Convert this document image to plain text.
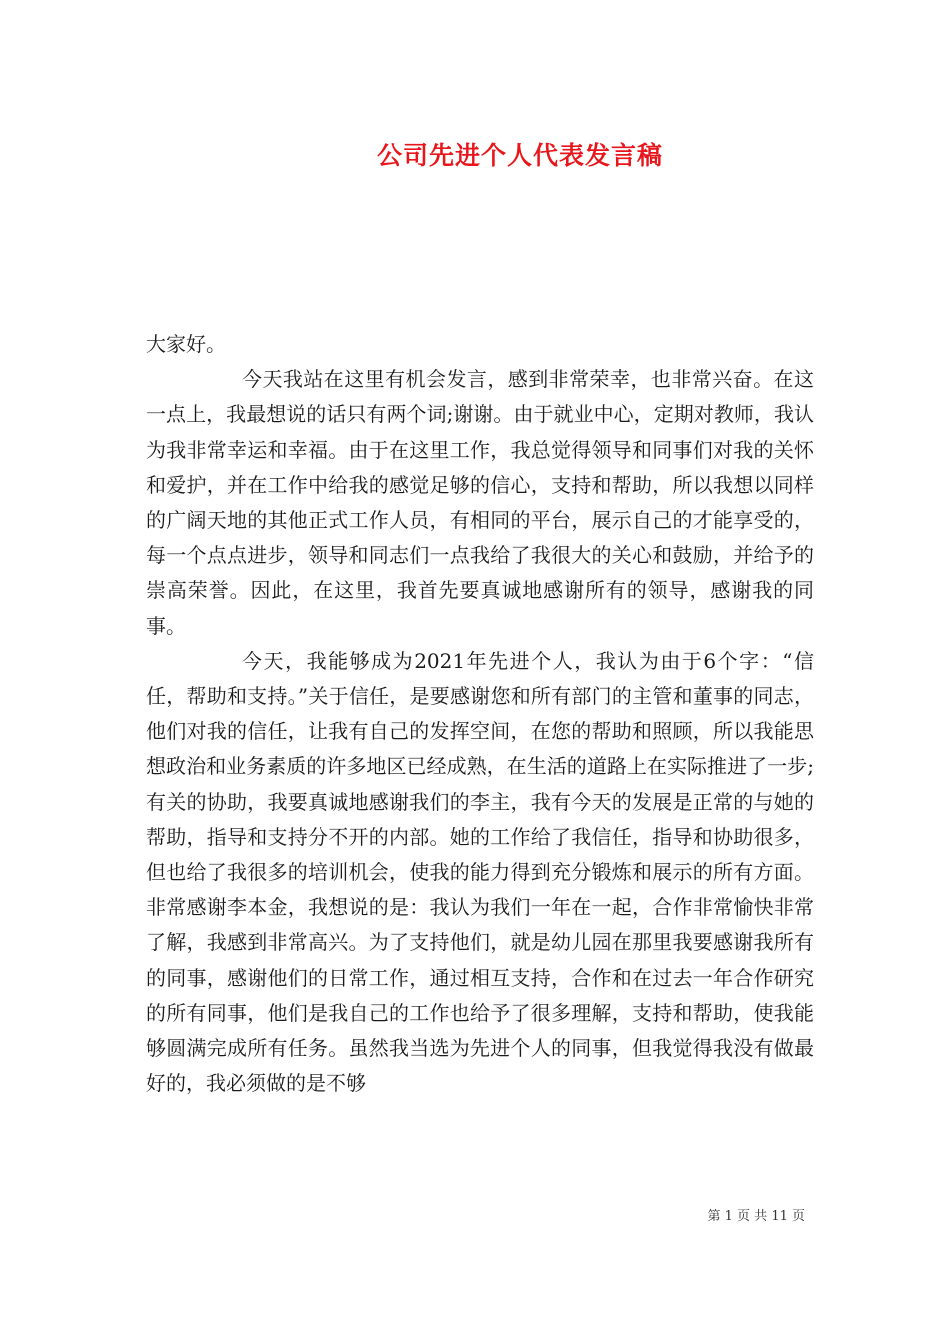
公司先进个人代表发言稿

大家好。

今天我站在这里有机会发言，感到非常荣幸，也非常兴奋。在这一点上，我最想说的话只有两个词;谢谢。由于就业中心，定期对教师，我认为我非常幸运和幸福。由于在这里工作，我总觉得领导和同事们对我的关怀和爱护，并在工作中给我的感觉足够的信心，支持和帮助，所以我想以同样的广阔天地的其他正式工作人员，有相同的平台，展示自己的才能享受的，每一个点点进步，领导和同志们一点我给了我很大的关心和鼓励，并给予的崇高荣誉。因此，在这里，我首先要真诚地感谢所有的领导，感谢我的同事。

今天，我能够成为2021年先进个人，我认为由于6个字：“信任，帮助和支持。”关于信任，是要感谢您和所有部门的主管和董事的同志，他们对我的信任，让我有自己的发挥空间，在您的帮助和照顾，所以我能思想政治和业务素质的许多地区已经成熟，在生活的道路上在实际推进了一步;有关的协助，我要真诚地感谢我们的李主，我有今天的发展是正常的与她的帮助，指导和支持分不开的内部。她的工作给了我信任，指导和协助很多，但也给了我很多的培训机会，使我的能力得到充分锻炼和展示的所有方面。非常感谢李本金，我想说的是：我认为我们一年在一起，合作非常愉快非常了解，我感到非常高兴。为了支持他们，就是幼儿园在那里我要感谢我所有的同事，感谢他们的日常工作，通过相互支持，合作和在过去一年合作研究的所有同事，他们是我自己的工作也给予了很多理解，支持和帮助，使我能够圆满完成所有任务。虽然我当选为先进个人的同事，但我觉得我没有做最好的，我必须做的是不够

第 1 页 共 11 页
